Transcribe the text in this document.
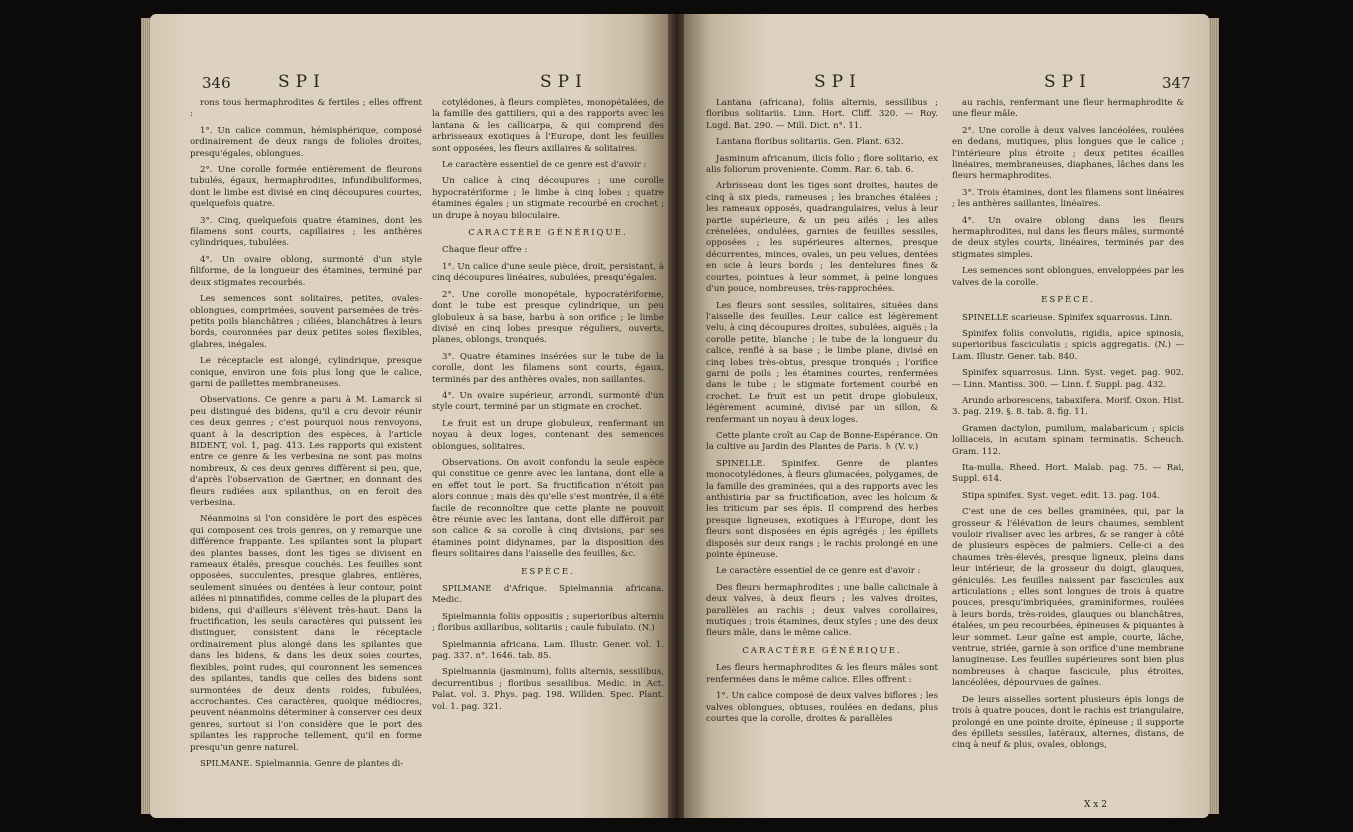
346	SPI	SPI

rons tous hermaphrodites & fertiles ; elles offrent :

1°. Un calice commun, hémisphérique, composé ordinairement de deux rangs de folioles droites, presqu'égales, oblongues.

2°. Une corolle formée entièrement de fleurons tubulés, égaux, hermaphrodites, infundibuliformes, dont le limbe est divisé en cinq découpures courtes, quelquefois quatre.

3°. Cinq, quelquefois quatre étamines, dont les filamens sont courts, capillaires ; les anthères cylindriques, tubulées.

4°. Un ovaire oblong, surmonté d'un style filiforme, de la longueur des étamines, terminé par deux stigmates recourbés.

Les semences sont solitaires, petites, ovales-oblongues, comprimées, souvent parsemées de très-petits poils blanchâtres ; ciliées, blanchâtres à leurs bords, couronnées par deux petites soies flexibles, glabres, inégales.

Le réceptacle est alongé, cylindrique, presque conique, environ une fois plus long que le calice, garni de paillettes membraneuses.

Observations. Ce genre a paru à M. Lamarck si peu distingué des bidens, qu'il a cru devoir réunir ces deux genres ; c'est pourquoi nous renvoyons, quant à la description des espèces, à l'article BIDENT, vol. 1, pag. 413. Les rapports qui existent entre ce genre & les verbesina ne sont pas moins nombreux, & ces deux genres diffèrent si peu, que, d'après l'observation de Gærtner, en donnant des fleurs radiées aux spilanthus, on en feroit des verbesina.

Néanmoins si l'on considère le port des espèces qui composent ces trois genres, on y remarque une différence frappante. Les spilantes sont la plupart des plantes basses, dont les tiges se divisent en rameaux étalés, presque couchés. Les feuilles sont opposées, succulentes, presque glabres, entières, seulement sinuées ou dentées à leur contour, point ailées ni pinnatifides, comme celles de la plupart des bidens, qui d'ailleurs s'élèvent très-haut. Dans la fructification, les seuls caractères qui puissent les distinguer, consistent dans le réceptacle ordinairement plus alongé dans les spilantes que dans les bidens, & dans les deux soies courtes, flexibles, point rudes, qui couronnent les semences des spilantes, tandis que celles des bidens sont surmontées de deux dents roides, fubulées, accrochantes. Ces caractères, quoique médiocres, peuvent néanmoins déterminer à conserver ces deux genres, surtout si l'on considère que le port des spilantes les rapproche tellement, qu'il en forme presqu'un genre naturel.

SPILMANE. Spielmannia. Genre de plantes di-

cotylédones, à fleurs complètes, monopétalées, de la famille des gattiliers, qui a des rapports avec les lantana & les callicarpa, & qui comprend des arbrisseaux exotiques à l'Europe, dont les feuilles sont opposées, les fleurs axillaires & solitaires.

Le caractère essentiel de ce genre est d'avoir :

Un calice à cinq découpures ; une corolle hypocratériforme ; le limbe à cinq lobes ; quatre étamines égales ; un stigmate recourbé en crochet ; un drupe à noyau biloculaire.

CARACTÈRE GÉNÉRIQUE.

Chaque fleur offre :

1°. Un calice d'une seule pièce, droit, persistant, à cinq découpures linéaires, subulées, presqu'égales.

2°. Une corolle monopétale, hypocratériforme, dont le tube est presque cylindrique, un peu globuleux à sa base, barbu à son orifice ; le limbe divisé en cinq lobes presque réguliers, ouverts, planes, oblongs, tronqués.

3°. Quatre étamines insérées sur le tube de la corolle, dont les filamens sont courts, égaux, terminés par des anthères ovales, non saillantes.

4°. Un ovaire supérieur, arrondi, surmonté d'un style court, terminé par un stigmate en crochet.

Le fruit est un drupe globuleux, renfermant un noyau à deux loges, contenant des semences oblongues, solitaires.

Observations. On avoit confondu la seule espèce qui constitue ce genre avec les lantana, dont elle a en effet tout le port. Sa fructification n'étoit pas alors connue ; mais dès qu'elle s'est montrée, il a été facile de reconnoître que cette plante ne pouvoit être réunie avec les lantana, dont elle différoit par son calice & sa corolle à cinq divisions, par ses étamines point didynames, par la disposition des fleurs solitaires dans l'aisselle des feuilles, &c.

ESPÈCE.

SPILMANE d'Afrique. Spielmannia africana. Medic.

Spielmannia foliis oppositis ; superioribus alternis ; floribus axillaribus, solitariis ; caule fubulato. (N.)

Spielmannia africana. Lam. Illustr. Gener. vol. 1. pag. 337. n°. 1646. tab. 85.

Spielmannia (jasminum), foliis alternis, sessilibus, decurrentibus ; floribus sessilibus. Medic. in Act. Palat. vol. 3. Phys. pag. 198. Willden. Spec. Plant. vol. 1. pag. 321.

SPI	SPI	347

Lantana (africana), foliis alternis, sessilibus ; floribus solitariis. Linn. Hort. Cliff. 320. — Roy. Lugd. Bat. 290. — Mill. Dict. n°. 11.

Lantana floribus solitariis. Gen. Plant. 632.

Jasminum africanum, ilicis folio ; flore solitario, ex alis foliorum proveniente. Comm. Rar. 6. tab. 6.

Arbrisseau dont les tiges sont droites, hautes de cinq à six pieds, rameuses ; les branches étalées ; les rameaux opposés, quadrangulaires, velus à leur partie supérieure, & un peu ailés ; les ailes crénelées, ondulées, garnies de feuilles sessiles, opposées ; les supérieures alternes, presque décurrentes, minces, ovales, un peu velues, dentées en scie à leurs bords ; les dentelures fines & courtes, pointues à leur sommet, à peine longues d'un pouce, nombreuses, très-rapprochées.

Les fleurs sont sessiles, solitaires, situées dans l'aisselle des feuilles. Leur calice est légèrement velu, à cinq découpures droites, subulées, aiguës ; la corolle petite, blanche ; le tube de la longueur du calice, renflé à sa base ; le limbe plane, divisé en cinq lobes très-obtus, presque tronqués ; l'orifice garni de poils ; les étamines courtes, renfermées dans le tube ; le stigmate fortement courbé en crochet. Le fruit est un petit drupe globuleux, légèrement acuminé, divisé par un sillon, & renfermant un noyau à deux loges.

Cette plante croît au Cap de Bonne-Espérance. On la cultive au Jardin des Plantes de Paris. ♄ (V. v.)

SPINELLE. Spinifex. Genre de plantes monocotylédones, à fleurs glumacées, polygames, de la famille des graminées, qui a des rapports avec les anthistiria par sa fructification, avec les holcum & les triticum par ses épis. Il comprend des herbes presque ligneuses, exotiques à l'Europe, dont les fleurs sont disposées en épis agrégés ; les épillets disposés sur deux rangs ; le rachis prolongé en une pointe épineuse.

Le caractère essentiel de ce genre est d'avoir :

Des fleurs hermaphrodites ; une balle calicinale à deux valves, à deux fleurs ; les valves droites, parallèles au rachis ; deux valves corollaires, mutiques ; trois étamines, deux styles ; une des deux fleurs mâle, dans le même calice.

CARACTÈRE GÉNÉRIQUE.

Les fleurs hermaphrodites & les fleurs mâles sont renfermées dans le même calice. Elles offrent :

1°. Un calice composé de deux valves biflores ; les valves oblongues, obtuses, roulées en dedans, plus courtes que la corolle, droites & parallèles

au rachis, renfermant une fleur hermaphrodite & une fleur mâle.

2°. Une corolle à deux valves lancéolées, roulées en dedans, mutiques, plus longues que le calice ; l'intérieure plus étroite ; deux petites écailles linéaires, membraneuses, diaphanes, lâches dans les fleurs hermaphrodites.

3°. Trois étamines, dont les filamens sont linéaires ; les anthères saillantes, linéaires.

4°. Un ovaire oblong dans les fleurs hermaphrodites, nul dans les fleurs mâles, surmonté de deux styles courts, linéaires, terminés par des stigmates simples.

Les semences sont oblongues, enveloppées par les valves de la corolle.

ESPÈCE.

SPINELLE scarieuse. Spinifex squarrosus. Linn.

Spinifex foliis convolutis, rigidis, apice spinosis, superioribus fasciculatis ; spicis aggregatis. (N.) — Lam. Illustr. Gener. tab. 840.

Spinifex squarrosus. Linn. Syst. veget. pag. 902. — Linn. Mantiss. 300. — Linn. f. Suppl. pag. 432.

Arundo arborescens, tabaxifera. Morif. Oxon. Hist. 3. pag. 219. §. 8. tab. 8. fig. 11.

Gramen dactylon, pumilum, malabaricum ; spicis lolliaceis, in acutam spinam terminatis. Scheuch. Gram. 112.

Ita-mulla. Rheed. Hort. Malab. pag. 75. — Rai, Suppl. 614.

Stipa spinifex. Syst. veget. edit. 13. pag. 104.

C'est une de ces belles graminées, qui, par la grosseur & l'élévation de leurs chaumes, semblent vouloir rivaliser avec les arbres, & se ranger à côté de plusieurs espèces de palmiers. Celle-ci a des chaumes très-élevés, presque ligneux, pleins dans leur intérieur, de la grosseur du doigt, glauques, géniculés. Les feuilles naissent par fascicules aux articulations ; elles sont longues de trois à quatre pouces, presqu'imbriquées, graminiformes, roulées à leurs bords, très-roides, glauques ou blanchâtres, étalées, un peu recourbées, épineuses & piquantes à leur sommet. Leur gaîne est ample, courte, lâche, ventrue, striée, garnie à son orifice d'une membrane lanugineuse. Les feuilles supérieures sont bien plus nombreuses à chaque fascicule, plus étroites, lancéolées, dépourvues de gaînes.

De leurs aisselles sortent plusieurs épis longs de trois à quatre pouces, dont le rachis est triangulaire, prolongé en une pointe droite, épineuse ; il supporte des épillets sessiles, latéraux, alternes, distans, de cinq à neuf & plus, ovales, oblongs,

X x 2
